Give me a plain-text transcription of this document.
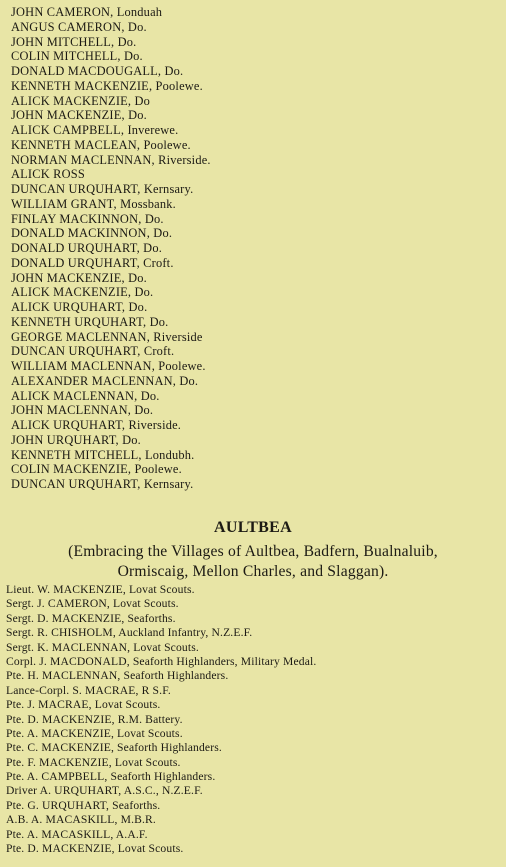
JOHN CAMERON, Londuah
ANGUS CAMERON, Do.
JOHN MITCHELL, Do.
COLIN MITCHELL, Do.
DONALD MACDOUGALL, Do.
KENNETH MACKENZIE, Poolewe.
ALICK MACKENZIE, Do
JOHN MACKENZIE, Do.
ALICK CAMPBELL, Inverewe.
KENNETH MACLEAN, Poolewe.
NORMAN MACLENNAN, Riverside.
ALICK ROSS
DUNCAN URQUHART, Kernsary.
WILLIAM GRANT, Mossbank.
FINLAY MACKINNON, Do.
DONALD MACKINNON, Do.
DONALD URQUHART, Do.
DONALD URQUHART, Croft.
JOHN MACKENZIE, Do.
ALICK MACKENZIE, Do.
ALICK URQUHART, Do.
KENNETH URQUHART, Do.
GEORGE MACLENNAN, Riverside
DUNCAN URQUHART, Croft.
WILLIAM MACLENNAN, Poolewe.
ALEXANDER MACLENNAN, Do.
ALICK MACLENNAN, Do.
JOHN MACLENNAN, Do.
ALICK URQUHART, Riverside.
JOHN URQUHART, Do.
KENNETH MITCHELL, Londubh.
COLIN MACKENZIE, Poolewe.
DUNCAN URQUHART, Kernsary.
AULTBEA
(Embracing the Villages of Aultbea, Badfern, Bualnaluib,
Ormiscaig, Mellon Charles, and Slaggan).
Lieut. W. MACKENZIE, Lovat Scouts.
Sergt. J. CAMERON, Lovat Scouts.
Sergt. D. MACKENZIE, Seaforths.
Sergt. R. CHISHOLM, Auckland Infantry, N.Z.E.F.
Sergt. K. MACLENNAN, Lovat Scouts.
Corpl. J. MACDONALD, Seaforth Highlanders, Military Medal.
Pte. H. MACLENNAN, Seaforth Highlanders.
Lance-Corpl. S. MACRAE, R S.F.
Pte. J. MACRAE, Lovat Scouts.
Pte. D. MACKENZIE, R.M. Battery.
Pte. A. MACKENZIE, Lovat Scouts.
Pte. C. MACKENZIE, Seaforth Highlanders.
Pte. F. MACKENZIE, Lovat Scouts.
Pte. A. CAMPBELL, Seaforth Highlanders.
Driver A. URQUHART, A.S.C., N.Z.E.F.
Pte. G. URQUHART, Seaforths.
A.B. A. MACASKILL, M.B.R.
Pte. A. MACASKILL, A.A.F.
Pte. D. MACKENZIE, Lovat Scouts.
